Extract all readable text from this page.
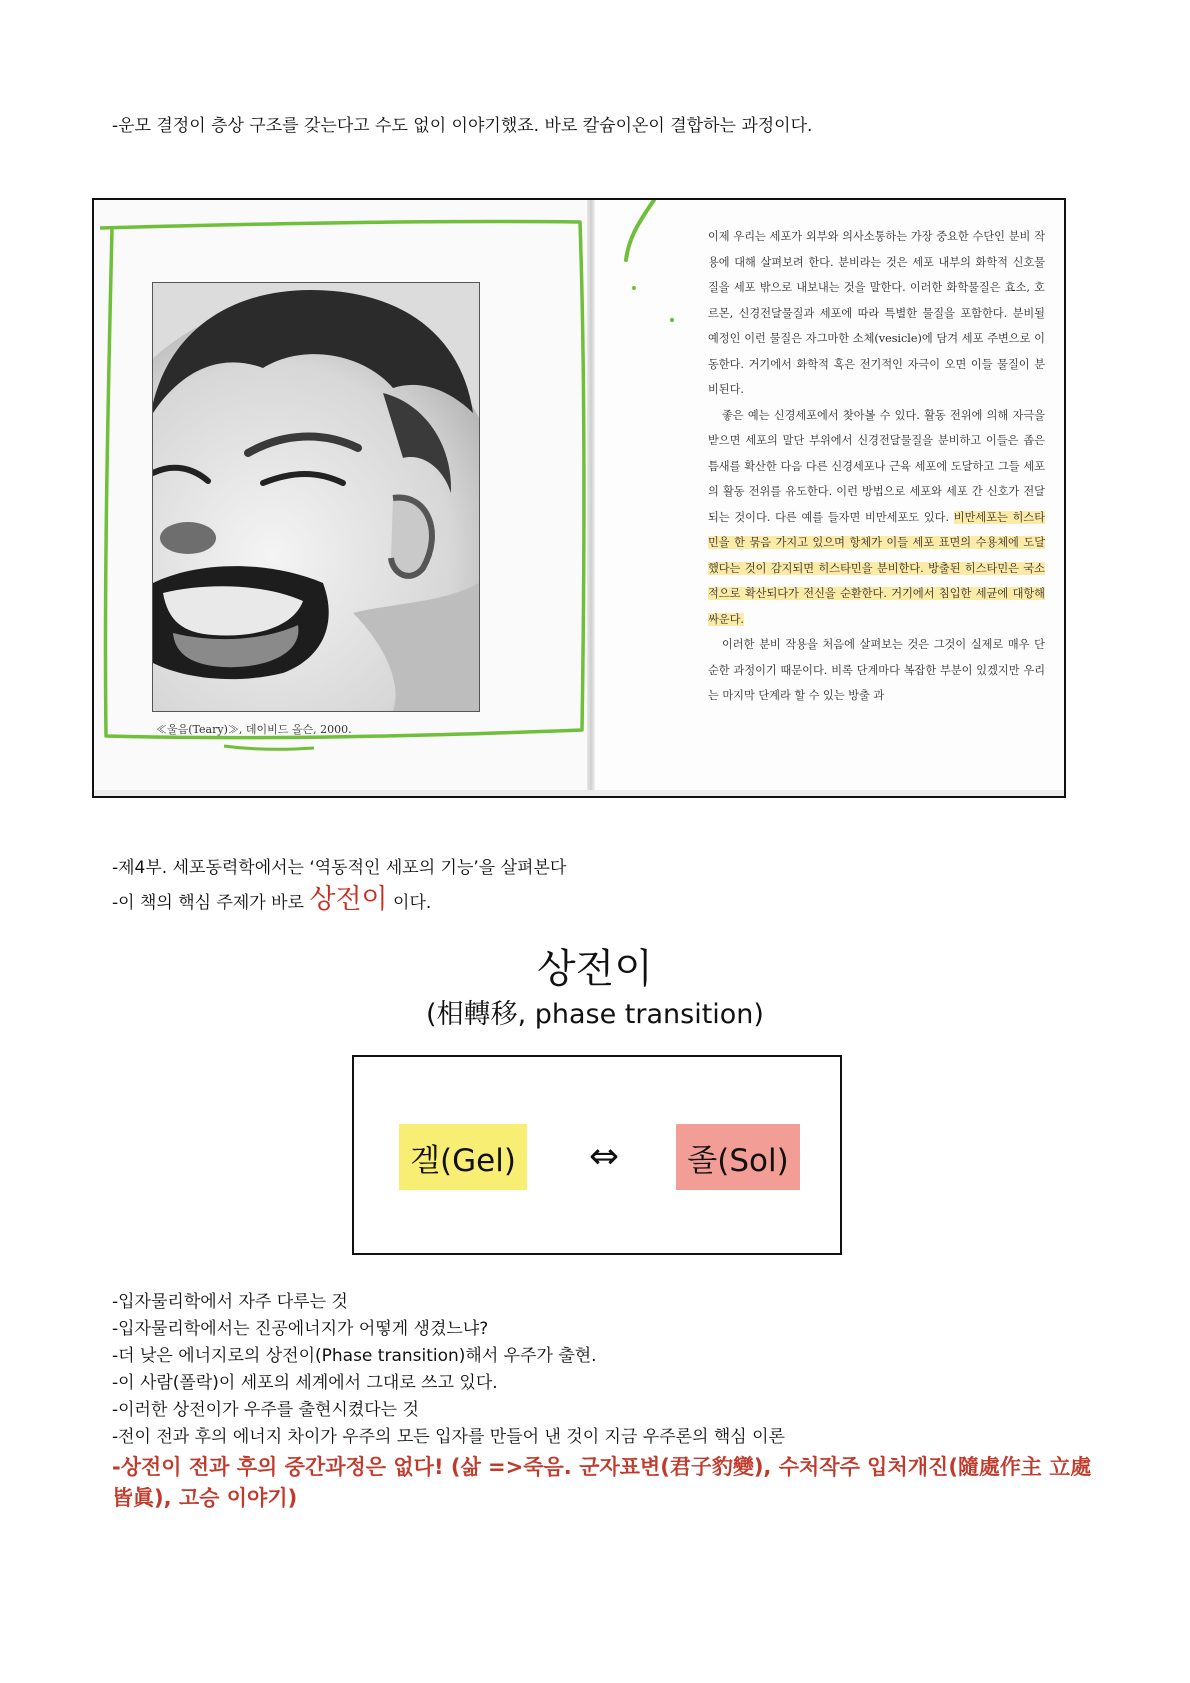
-운모 결정이 층상 구조를 갖는다고 수도 없이 이야기했죠. 바로 칼슘이온이 결합하는 과정이다.
≪울음(Teary)≫, 데이비드 올슨, 2000.

이제 우리는 세포가 외부와 의사소통하는 가장 중요한 수단인 분비 작용에 대해 살펴보려 한다. 분비라는 것은 세포 내부의 화학적 신호물질을 세포 밖으로 내보내는 것을 말한다. 이러한 화학물질은 효소, 호르몬, 신경전달물질과 세포에 따라 특별한 물질을 포함한다. 분비될 예정인 이런 물질은 자그마한 소체(vesicle)에 담겨 세포 주변으로 이동한다. 거기에서 화학적 혹은 전기적인 자극이 오면 이들 물질이 분비된다.

좋은 예는 신경세포에서 찾아볼 수 있다. 활동 전위에 의해 자극을 받으면 세포의 말단 부위에서 신경전달물질을 분비하고 이들은 좁은 틈새를 확산한 다음 다른 신경세포나 근육 세포에 도달하고 그들 세포의 활동 전위를 유도한다. 이런 방법으로 세포와 세포 간 신호가 전달되는 것이다. 다른 예를 들자면 비만세포도 있다. 비만세포는 히스타민을 한 묶음 가지고 있으며 항체가 이들 세포 표면의 수용체에 도달했다는 것이 감지되면 히스타민을 분비한다. 방출된 히스타민은 국소적으로 확산되다가 전신을 순환한다. 거기에서 침입한 세균에 대항해 싸운다.

이러한 분비 작용을 처음에 살펴보는 것은 그것이 실제로 매우 단순한 과정이기 때문이다. 비록 단계마다 복잡한 부분이 있겠지만 우리는 마지막 단계라 할 수 있는 방출 과

-제4부. 세포동력학에서는 ‘역동적인 세포의 기능’을 살펴본다
-이 책의 핵심 주제가 바로 상전이 이다.
상전이
(相轉移, phase transition)
겔(Gel)	⇔	졸(Sol)
-입자물리학에서 자주 다루는 것
-입자물리학에서는 진공에너지가 어떻게 생겼느냐?
-더 낮은 에너지로의 상전이(Phase transition)해서 우주가 출현.
-이 사람(폴락)이 세포의 세계에서 그대로 쓰고 있다.
-이러한 상전이가 우주를 출현시켰다는 것
-전이 전과 후의 에너지 차이가 우주의 모든 입자를 만들어 낸 것이 지금 우주론의 핵심 이론
-상전이 전과 후의 중간과정은 없다! (삶 =>죽음. 군자표변(君子豹變), 수처작주 입처개진(隨處作主 立處皆眞), 고승 이야기)
